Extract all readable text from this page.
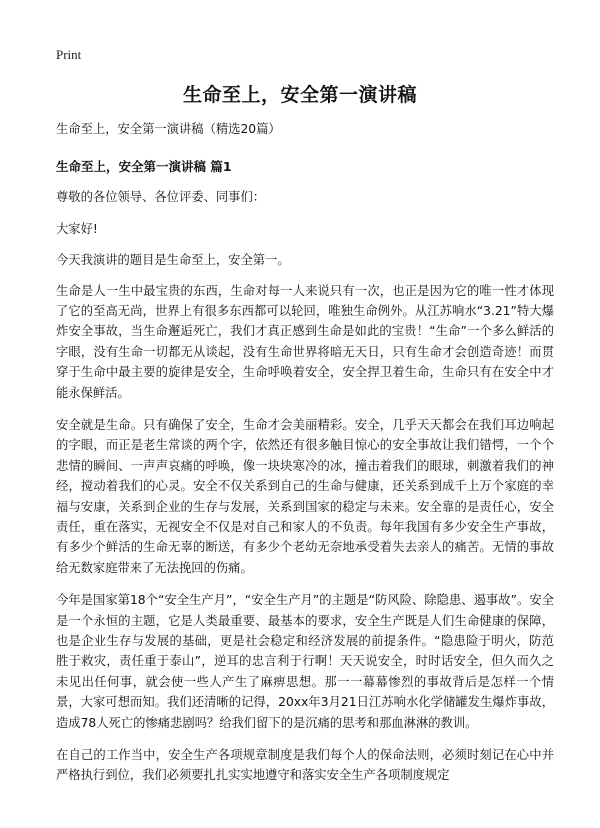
Print
生命至上，安全第一演讲稿

生命至上，安全第一演讲稿（精选20篇）

生命至上，安全第一演讲稿 篇1

尊敬的各位领导、各位评委、同事们：

大家好!

今天我演讲的题目是生命至上，安全第一。

生命是人一生中最宝贵的东西，生命对每一人来说只有一次，也正是因为它的唯一性才体现了它的至高无尚，世界上有很多东西都可以轮回，唯独生命例外。从江苏响水“3.21”特大爆炸安全事故，当生命邂逅死亡，我们才真正感到生命是如此的宝贵！“生命”一个多么鲜活的字眼，没有生命一切都无从谈起，没有生命世界将暗无天日，只有生命才会创造奇迹！而贯穿于生命中最主要的旋律是安全，生命呼唤着安全，安全捍卫着生命，生命只有在安全中才能永保鲜活。

安全就是生命。只有确保了安全，生命才会美丽精彩。安全，几乎天天都会在我们耳边响起的字眼，而正是老生常谈的两个字，依然还有很多触目惊心的安全事故让我们错愕，一个个悲情的瞬间、一声声哀痛的呼唤，像一块块寒冷的冰，撞击着我们的眼球，刺激着我们的神经，搅动着我们的心灵。安全不仅关系到自己的生命与健康，还关系到成千上万个家庭的幸福与安康，关系到企业的生存与发展，关系到国家的稳定与未来。安全靠的是责任心，安全责任，重在落实，无视安全不仅是对自己和家人的不负责。每年我国有多少安全生产事故，有多少个鲜活的生命无辜的断送，有多少个老幼无奈地承受着失去亲人的痛苦。无情的事故给无数家庭带来了无法挽回的伤痛。

今年是国家第18个“安全生产月”，“安全生产月”的主题是“防风险、除隐患、遏事故”。安全是一个永恒的主题，它是人类最重要、最基本的要求，安全生产既是人们生命健康的保障，也是企业生存与发展的基础，更是社会稳定和经济发展的前提条件。“隐患险于明火，防范胜于救灾，责任重于泰山”，逆耳的忠言利于行啊！天天说安全，时时话安全，但久而久之未见出任何事，就会使一些人产生了麻痹思想。那一一幕幕惨烈的事故背后是怎样一个情景，大家可想而知。我们还清晰的记得，20xx年3月21日江苏响水化学储罐发生爆炸事故，造成78人死亡的惨痛悲剧吗？给我们留下的是沉痛的思考和那血淋淋的教训。

在自己的工作当中，安全生产各项规章制度是我们每个人的保命法则，必须时刻记在心中并严格执行到位，我们必须要扎扎实实地遵守和落实安全生产各项制度规定
